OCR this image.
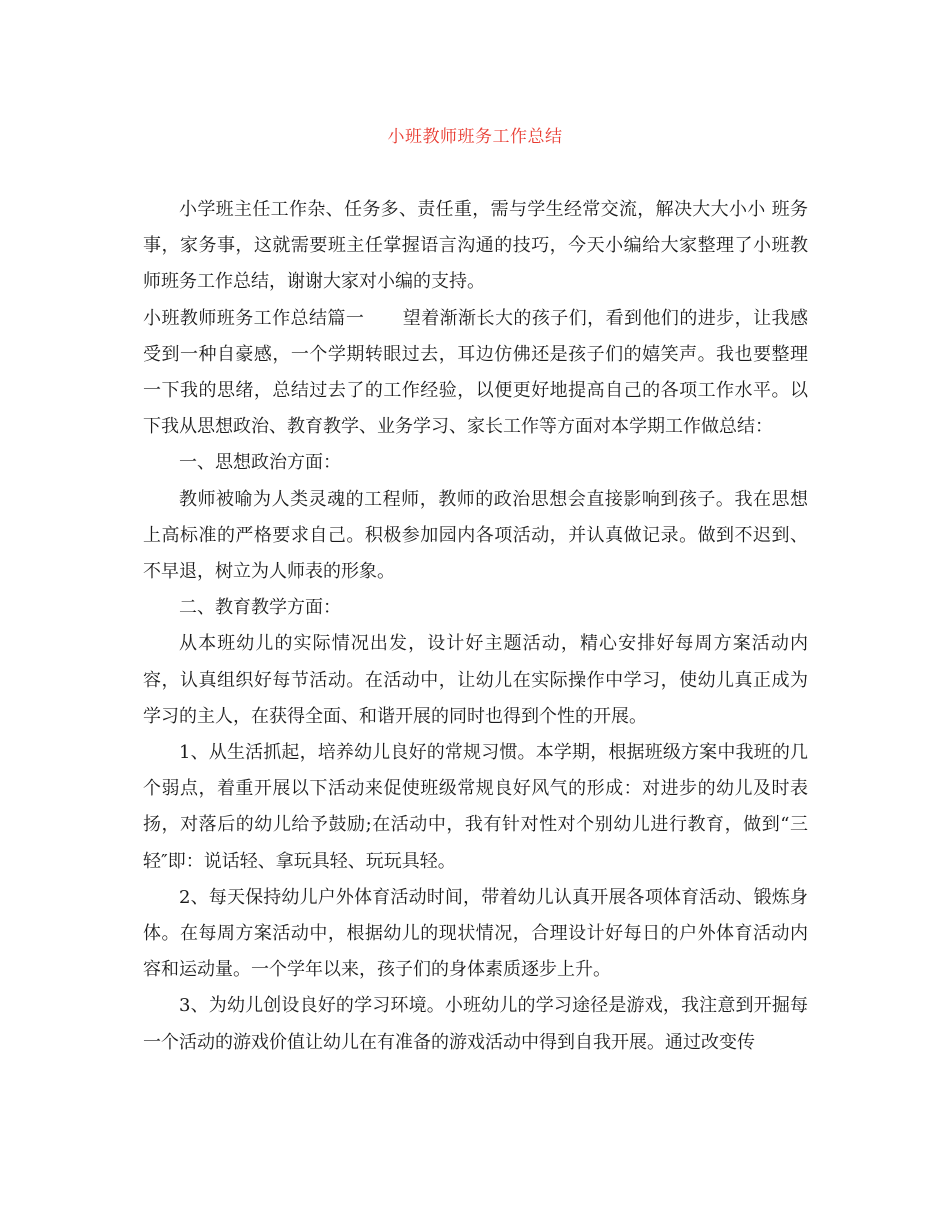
小班教师班务工作总结

小学班主任工作杂、任务多、责任重，需与学生经常交流，解决大大小小 班务事，家务事，这就需要班主任掌握语言沟通的技巧，今天小编给大家整理了小班教师班务工作总结，谢谢大家对小编的支持。

小班教师班务工作总结篇一 望着渐渐长大的孩子们，看到他们的进步，让我感受到一种自豪感，一个学期转眼过去，耳边仿佛还是孩子们的嬉笑声。我也要整理一下我的思绪，总结过去了的工作经验，以便更好地提高自己的各项工作水平。以下我从思想政治、教育教学、业务学习、家长工作等方面对本学期工作做总结：

一、思想政治方面：

教师被喻为人类灵魂的工程师，教师的政治思想会直接影响到孩子。我在思想上高标准的严格要求自己。积极参加园内各项活动，并认真做记录。做到不迟到、不早退，树立为人师表的形象。

二、教育教学方面：

从本班幼儿的实际情况出发，设计好主题活动，精心安排好每周方案活动内容，认真组织好每节活动。在活动中，让幼儿在实际操作中学习，使幼儿真正成为学习的主人，在获得全面、和谐开展的同时也得到个性的开展。

1、从生活抓起，培养幼儿良好的常规习惯。本学期，根据班级方案中我班的几个弱点，着重开展以下活动来促使班级常规良好风气的形成：对进步的幼儿及时表扬，对落后的幼儿给予鼓励;在活动中，我有针对性对个别幼儿进行教育，做到“三轻″即：说话轻、拿玩具轻、玩玩具轻。

2、每天保持幼儿户外体育活动时间，带着幼儿认真开展各项体育活动、锻炼身体。在每周方案活动中，根据幼儿的现状情况，合理设计好每日的户外体育活动内容和运动量。一个学年以来，孩子们的身体素质逐步上升。

3、为幼儿创设良好的学习环境。小班幼儿的学习途径是游戏，我注意到开掘每一个活动的游戏价值让幼儿在有准备的游戏活动中得到自我开展。通过改变传
